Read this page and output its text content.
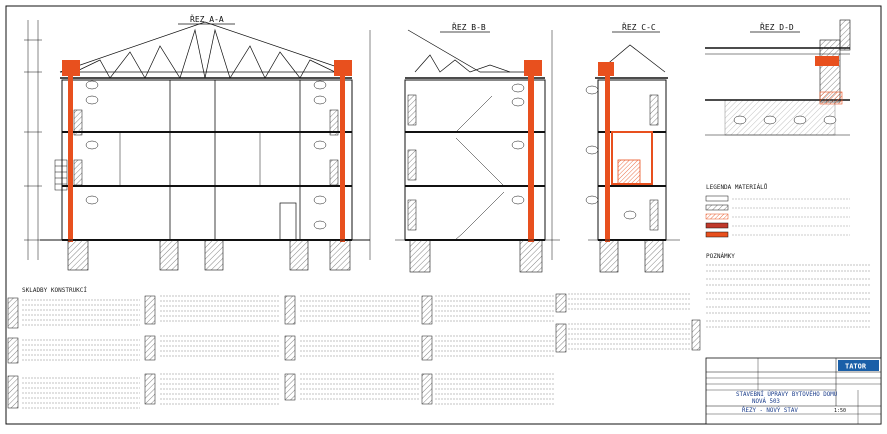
ŘEZ A-A
ŘEZ B-B	ŘEZ C-C	ŘEZ D-D
LEGENDA MATERIÁLŮ
POZNÁMKY
SKLADBY KONSTRUKCÍ
TATOR
STAVEBNÍ ÚPRAVY BYTOVÉHO DOMU
NOVÁ 503
ŘEZY - NOVÝ STAV	1:50
